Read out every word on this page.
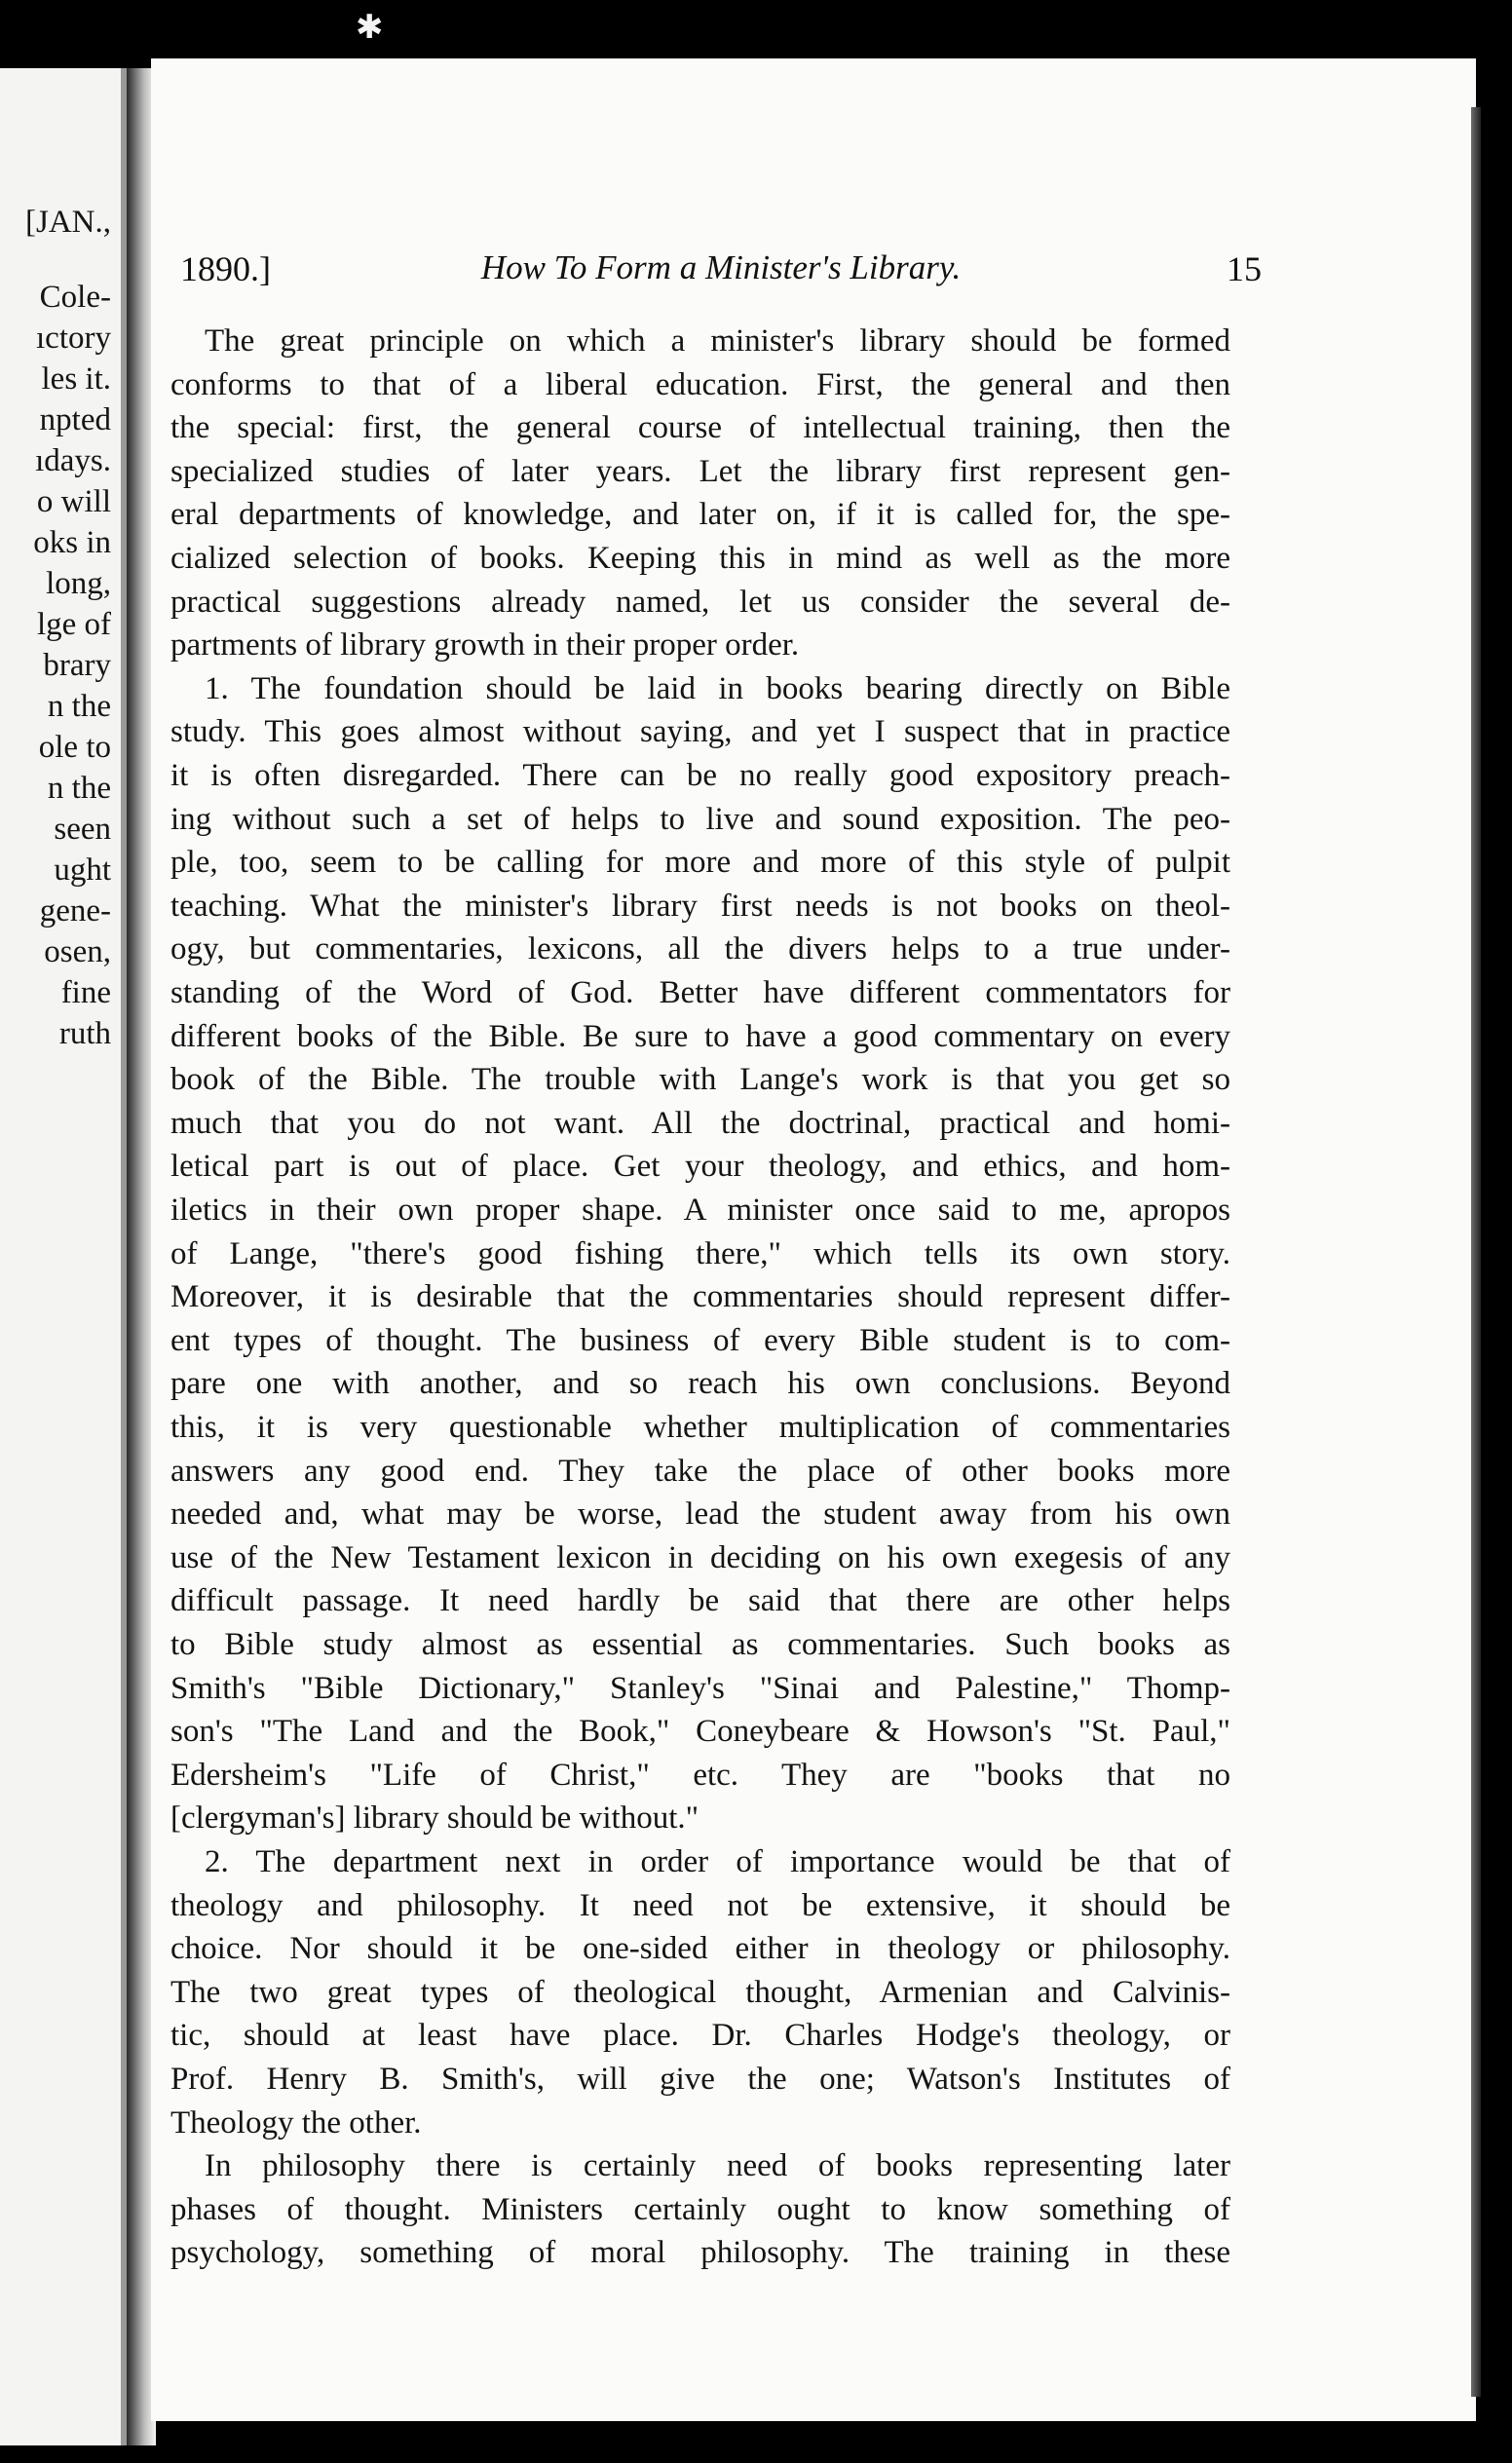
[JAN.,
Cole-
ıctory
les it.
npted
ıdays.
o will
oks in
long,
lge of
brary
n the
ole to
n the
seen
ught
gene-
osen,
fine
ruth
1890.]	How To Form a Minister's Library.	15
The great principle on which a minister's library should be formed
conforms to that of a liberal education. First, the general and then
the special: first, the general course of intellectual training, then the
specialized studies of later years. Let the library first represent gen-
eral departments of knowledge, and later on, if it is called for, the spe-
cialized selection of books. Keeping this in mind as well as the more
practical suggestions already named, let us consider the several de-
partments of library growth in their proper order.
1. The foundation should be laid in books bearing directly on Bible
study. This goes almost without saying, and yet I suspect that in practice
it is often disregarded. There can be no really good expository preach-
ing without such a set of helps to live and sound exposition. The peo-
ple, too, seem to be calling for more and more of this style of pulpit
teaching. What the minister's library first needs is not books on theol-
ogy, but commentaries, lexicons, all the divers helps to a true under-
standing of the Word of God. Better have different commentators for
different books of the Bible. Be sure to have a good commentary on every
book of the Bible. The trouble with Lange's work is that you get so
much that you do not want. All the doctrinal, practical and homi-
letical part is out of place. Get your theology, and ethics, and hom-
iletics in their own proper shape. A minister once said to me, apropos
of Lange, "there's good fishing there," which tells its own story.
Moreover, it is desirable that the commentaries should represent differ-
ent types of thought. The business of every Bible student is to com-
pare one with another, and so reach his own conclusions. Beyond
this, it is very questionable whether multiplication of commentaries
answers any good end. They take the place of other books more
needed and, what may be worse, lead the student away from his own
use of the New Testament lexicon in deciding on his own exegesis of any
difficult passage. It need hardly be said that there are other helps
to Bible study almost as essential as commentaries. Such books as
Smith's "Bible Dictionary," Stanley's "Sinai and Palestine," Thomp-
son's "The Land and the Book," Coneybeare & Howson's "St. Paul,"
Edersheim's "Life of Christ," etc. They are "books that no
[clergyman's] library should be without."
2. The department next in order of importance would be that of
theology and philosophy. It need not be extensive, it should be
choice. Nor should it be one-sided either in theology or philosophy.
The two great types of theological thought, Armenian and Calvinis-
tic, should at least have place. Dr. Charles Hodge's theology, or
Prof. Henry B. Smith's, will give the one; Watson's Institutes of
Theology the other.
In philosophy there is certainly need of books representing later
phases of thought. Ministers certainly ought to know something of
psychology, something of moral philosophy. The training in these
✱
